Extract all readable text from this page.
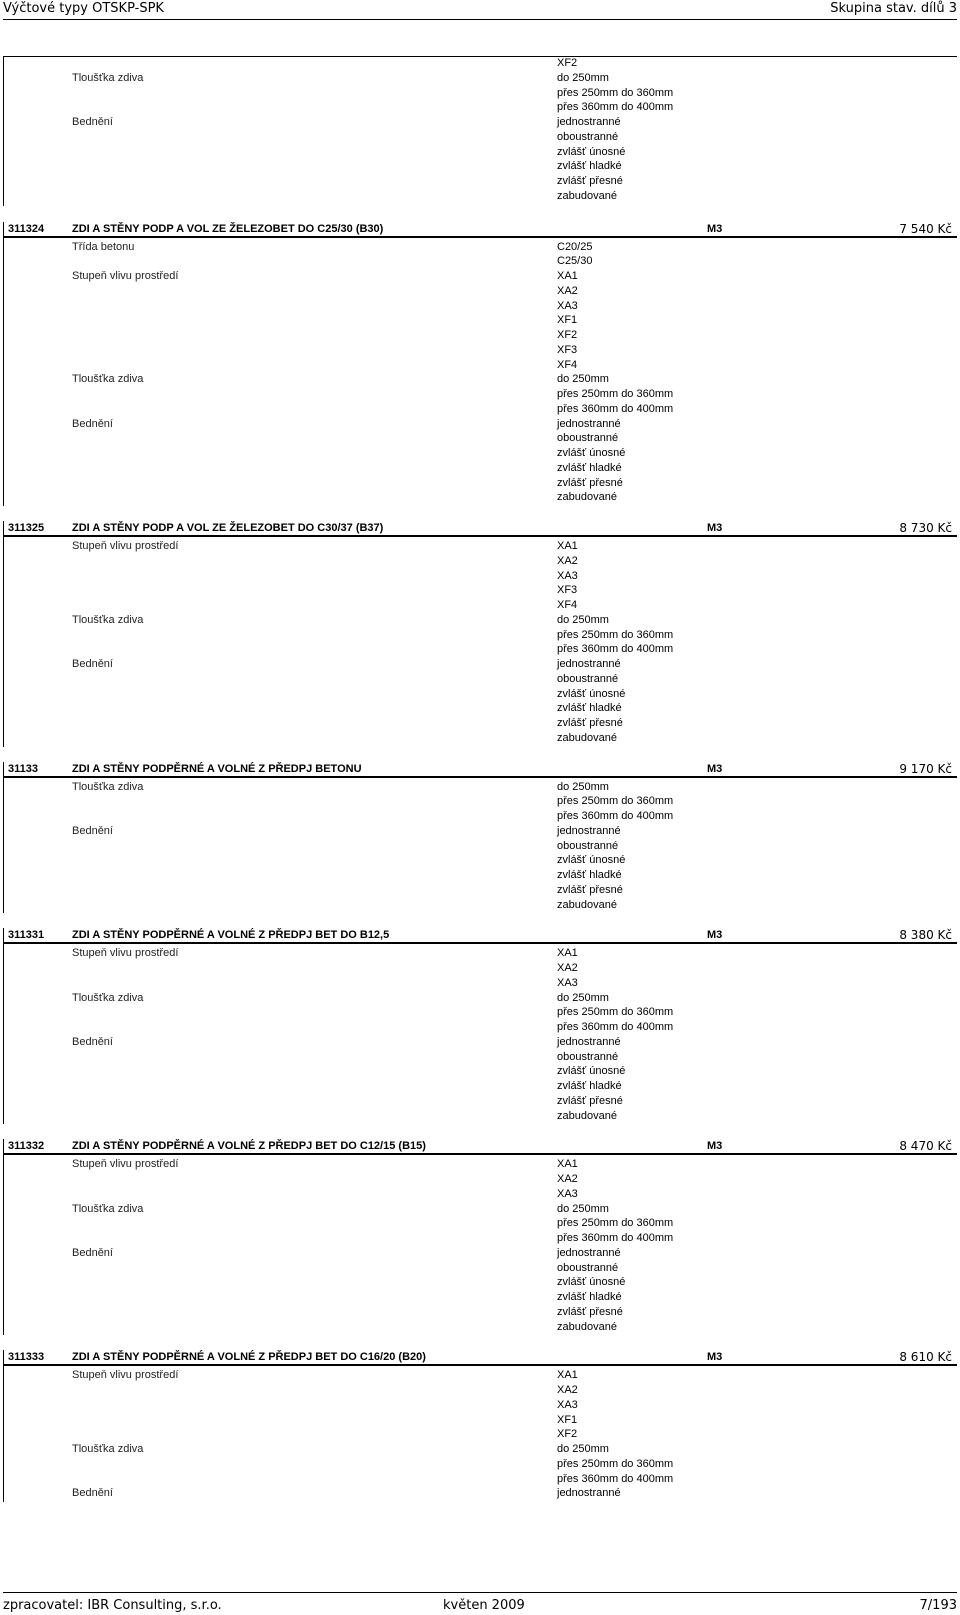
Výčtové typy OTSKP-SPK	Skupina stav. dílů 3
XF2
Tloušťka zdiva	do 250mm
přes 250mm do 360mm
přes 360mm do 400mm
Bednění	jednostranné
oboustranné
zvlášť únosné
zvlášť hladké
zvlášť přesné
zabudované
311324	ZDI A STĚNY PODP A VOL ZE ŽELEZOBET DO C25/30 (B30)	M3	7 540 Kč
Třída betonu	C20/25
C25/30
Stupeň vlivu prostředí	XA1
XA2
XA3
XF1
XF2
XF3
XF4
Tloušťka zdiva	do 250mm
přes 250mm do 360mm
přes 360mm do 400mm
Bednění	jednostranné
oboustranné
zvlášť únosné
zvlášť hladké
zvlášť přesné
zabudované
311325	ZDI A STĚNY PODP A VOL ZE ŽELEZOBET DO C30/37 (B37)	M3	8 730 Kč
Stupeň vlivu prostředí	XA1
XA2
XA3
XF3
XF4
Tloušťka zdiva	do 250mm
přes 250mm do 360mm
přes 360mm do 400mm
Bednění	jednostranné
oboustranné
zvlášť únosné
zvlášť hladké
zvlášť přesné
zabudované
31133	ZDI A STĚNY PODPĚRNÉ A VOLNÉ Z PŘEDPJ BETONU	M3	9 170 Kč
Tloušťka zdiva	do 250mm
přes 250mm do 360mm
přes 360mm do 400mm
Bednění	jednostranné
oboustranné
zvlášť únosné
zvlášť hladké
zvlášť přesné
zabudované
311331	ZDI A STĚNY PODPĚRNÉ A VOLNÉ Z PŘEDPJ BET DO B12,5	M3	8 380 Kč
Stupeň vlivu prostředí	XA1
XA2
XA3
Tloušťka zdiva	do 250mm
přes 250mm do 360mm
přes 360mm do 400mm
Bednění	jednostranné
oboustranné
zvlášť únosné
zvlášť hladké
zvlášť přesné
zabudované
311332	ZDI A STĚNY PODPĚRNÉ A VOLNÉ Z PŘEDPJ BET DO C12/15 (B15)	M3	8 470 Kč
Stupeň vlivu prostředí	XA1
XA2
XA3
Tloušťka zdiva	do 250mm
přes 250mm do 360mm
přes 360mm do 400mm
Bednění	jednostranné
oboustranné
zvlášť únosné
zvlášť hladké
zvlášť přesné
zabudované
311333	ZDI A STĚNY PODPĚRNÉ A VOLNÉ Z PŘEDPJ BET DO C16/20 (B20)	M3	8 610 Kč
Stupeň vlivu prostředí	XA1
XA2
XA3
XF1
XF2
Tloušťka zdiva	do 250mm
přes 250mm do 360mm
přes 360mm do 400mm
Bednění	jednostranné
zpracovatel: IBR Consulting, s.r.o.	květen 2009	7/193
